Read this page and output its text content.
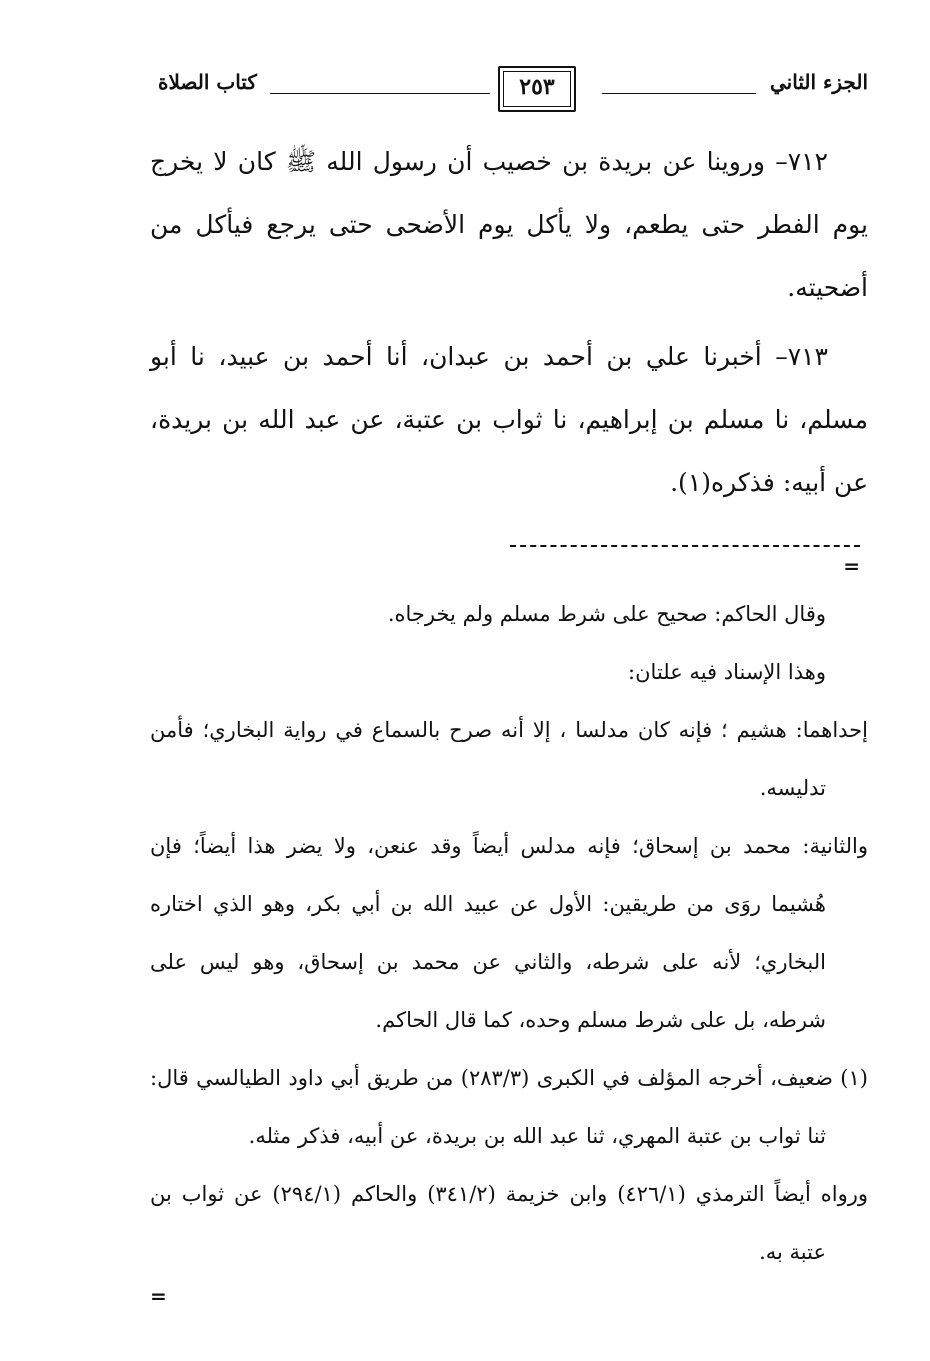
الجزء الثاني
٢٥٣
كتاب الصلاة

٧١٢– وروينا عن بريدة بن خصيب أن رسول الله ﷺ كان لا يخرج يوم الفطر حتى يطعم، ولا يأكل يوم الأضحى حتى يرجع فيأكل من أضحيته.

٧١٣– أخبرنا علي بن أحمد بن عبدان، أنا أحمد بن عبيد، نا أبو مسلم، نا مسلم بن إبراهيم، نا ثواب بن عتبة، عن عبد الله بن بريدة، عن أبيه: فذكره(١).

=

وقال الحاكم: صحيح على شرط مسلم ولم يخرجاه.

وهذا الإسناد فيه علتان:

إحداهما: هشيم ؛ فإنه كان مدلسا ، إلا أنه صرح بالسماع في رواية البخاري؛ فأمن تدليسه.

والثانية: محمد بن إسحاق؛ فإنه مدلس أيضاً وقد عنعن، ولا يضر هذا أيضاً؛ فإن هُشيما روَى من طريقين: الأول عن عبيد الله بن أبي بكر، وهو الذي اختاره البخاري؛ لأنه على شرطه، والثاني عن محمد بن إسحاق، وهو ليس على شرطه، بل على شرط مسلم وحده، كما قال الحاكم.

(١) ضعيف، أخرجه المؤلف في الكبرى (٢٨٣/٣) من طريق أبي داود الطيالسي قال: ثنا ثواب بن عتبة المهري، ثنا عبد الله بن بريدة، عن أبيه، فذكر مثله.

ورواه أيضاً الترمذي (٤٢٦/١) وابن خزيمة (٣٤١/٢) والحاكم (٢٩٤/١) عن ثواب بن عتبة به.

=
